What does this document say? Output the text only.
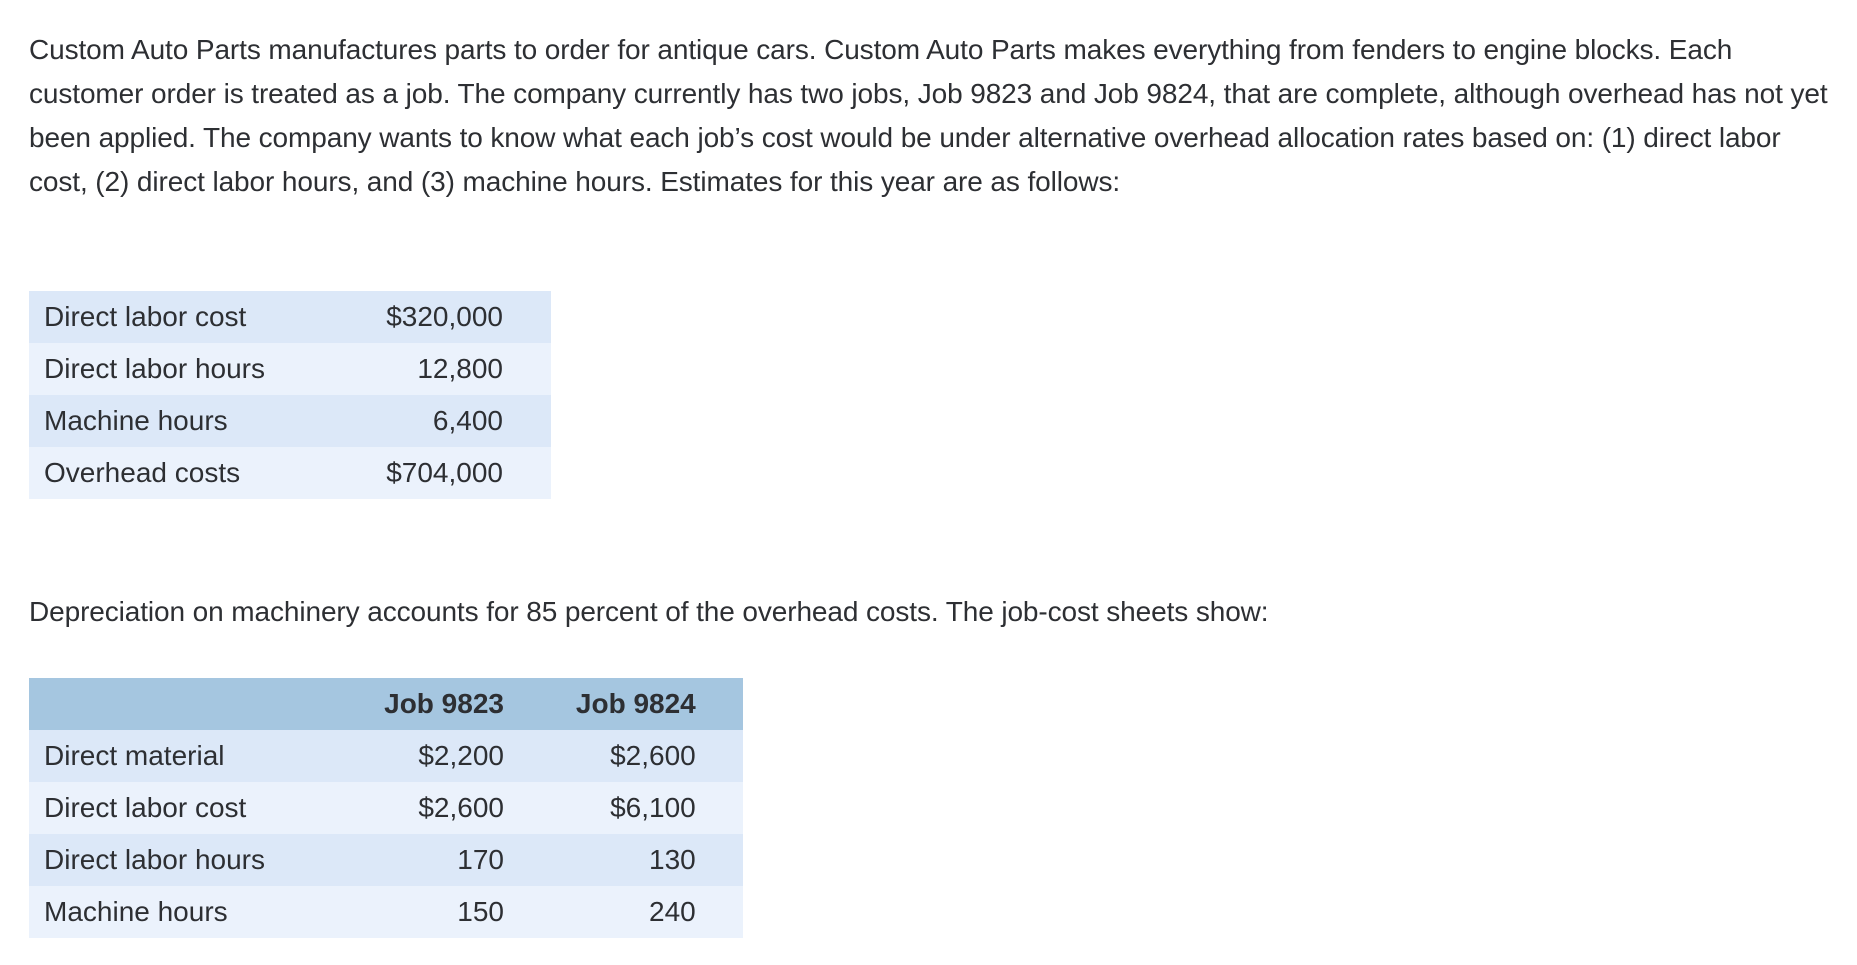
Custom Auto Parts manufactures parts to order for antique cars. Custom Auto Parts makes everything from fenders to engine blocks. Each customer order is treated as a job. The company currently has two jobs, Job 9823 and Job 9824, that are complete, although overhead has not yet been applied. The company wants to know what each job’s cost would be under alternative overhead allocation rates based on: (1) direct labor cost, (2) direct labor hours, and (3) machine hours. Estimates for this year are as follows:

Direct labor cost	$320,000
Direct labor hours	12,800
Machine hours	6,400
Overhead costs	$704,000

Depreciation on machinery accounts for 85 percent of the overhead costs. The job-cost sheets show:

	Job 9823	Job 9824	
Direct material	$2,200	$2,600	
Direct labor cost	$2,600	$6,100	
Direct labor hours	170	130	
Machine hours	150	240	
